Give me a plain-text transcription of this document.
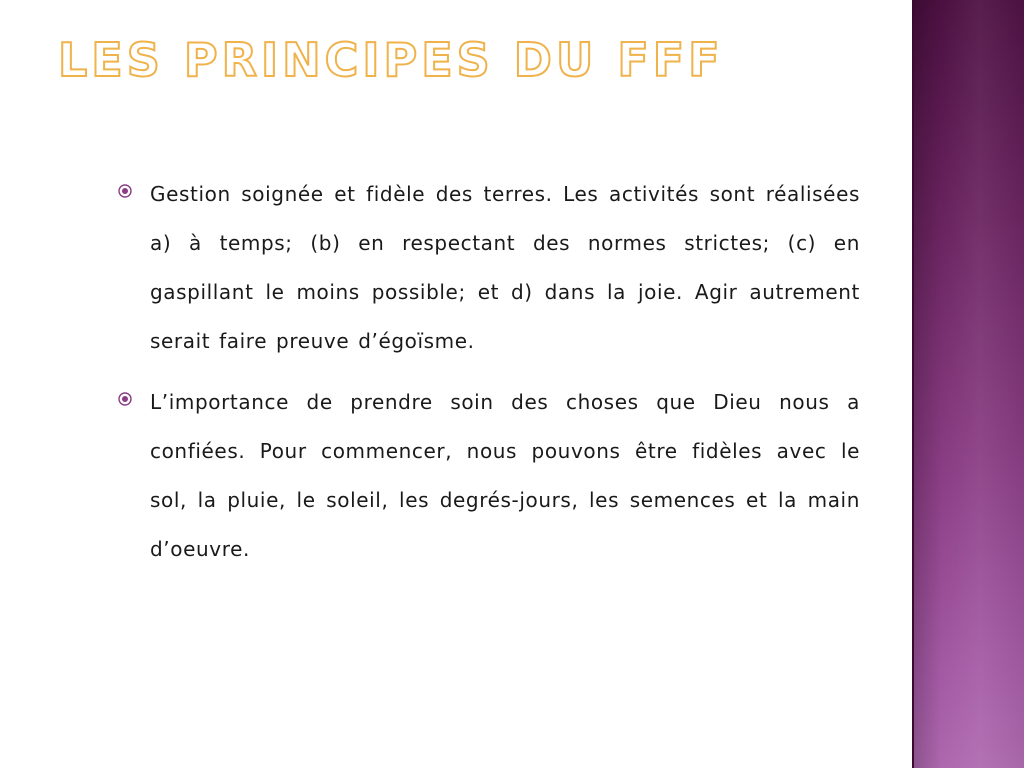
LES PRINCIPES DU FFF
Gestion soignée et fidèle des terres. Les activités sont réalisées a) à temps; (b) en respectant des normes strictes; (c) en gaspillant le moins possible; et d) dans la joie. Agir autrement serait faire preuve d’égoïsme.
L’importance de prendre soin des choses que Dieu nous a confiées. Pour commencer, nous pouvons être fidèles avec le sol, la pluie, le soleil, les degrés-jours, les semences et la main d’oeuvre.
